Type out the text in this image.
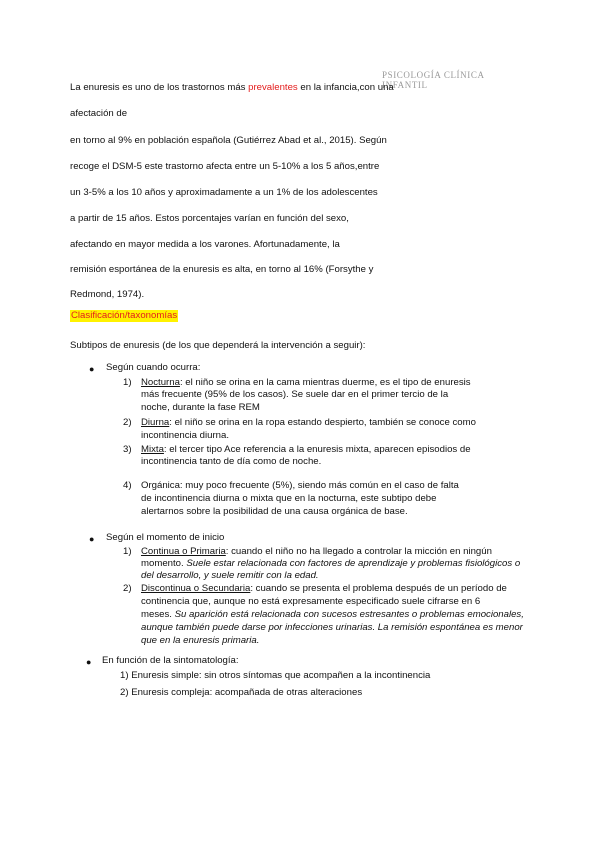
PSICOLOGÍA CLÍNICA
INFANTIL
La enuresis es uno de los trastornos más prevalentes en la infancia,con una
afectación de
en torno al 9% en población española (Gutiérrez Abad et al., 2015). Según
recoge el DSM-5 este trastorno afecta entre un 5-10% a los 5 años,entre
un 3-5% a los 10 años y aproximadamente a un 1% de los adolescentes
a partir de 15 años. Estos porcentajes varían en función del sexo,
afectando en mayor medida a los varones. Afortunadamente, la
remisión esportánea de la enuresis es alta, en torno al 16% (Forsythe y
Redmond, 1974).
Clasificación/taxonomías
Subtipos de enuresis (de los que dependerá la intervención a seguir):
● Según cuando ocurra:
1) Nocturna: el niño se orina en la cama mientras duerme, es el tipo de enuresis
más frecuente (95% de los casos). Se suele dar en el primer tercio de la
noche, durante la fase REM
2) Diurna: el niño se orina en la ropa estando despierto, también se conoce como
incontinencia diurna.
3) Mixta: el tercer tipo Ace referencia a la enuresis mixta, aparecen episodios de
incontinencia tanto de día como de noche.
4) Orgánica: muy poco frecuente (5%), siendo más común en el caso de falta
de incontinencia diurna o mixta que en la nocturna, este subtipo debe
alertarnos sobre la posibilidad de una causa orgánica de base.
● Según el momento de inicio
1) Continua o Primaria: cuando el niño no ha llegado a controlar la micción en ningún
momento. Suele estar relacionada con factores de aprendizaje y problemas fisiológicos o
del desarrollo, y suele remitir con la edad.
2) Discontinua o Secundaria: cuando se presenta el problema después de un período de
continencia que, aunque no está expresamente especificado suele cifrarse en 6
meses. Su aparición está relacionada con sucesos estresantes o problemas emocionales,
aunque también puede darse por infecciones urinarias. La remisión espontánea es menor
que en la enuresis primaria.
● En función de la sintomatología:
1) Enuresis simple: sin otros síntomas que acompañen a la incontinencia
2) Enuresis compleja: acompañada de otras alteraciones
